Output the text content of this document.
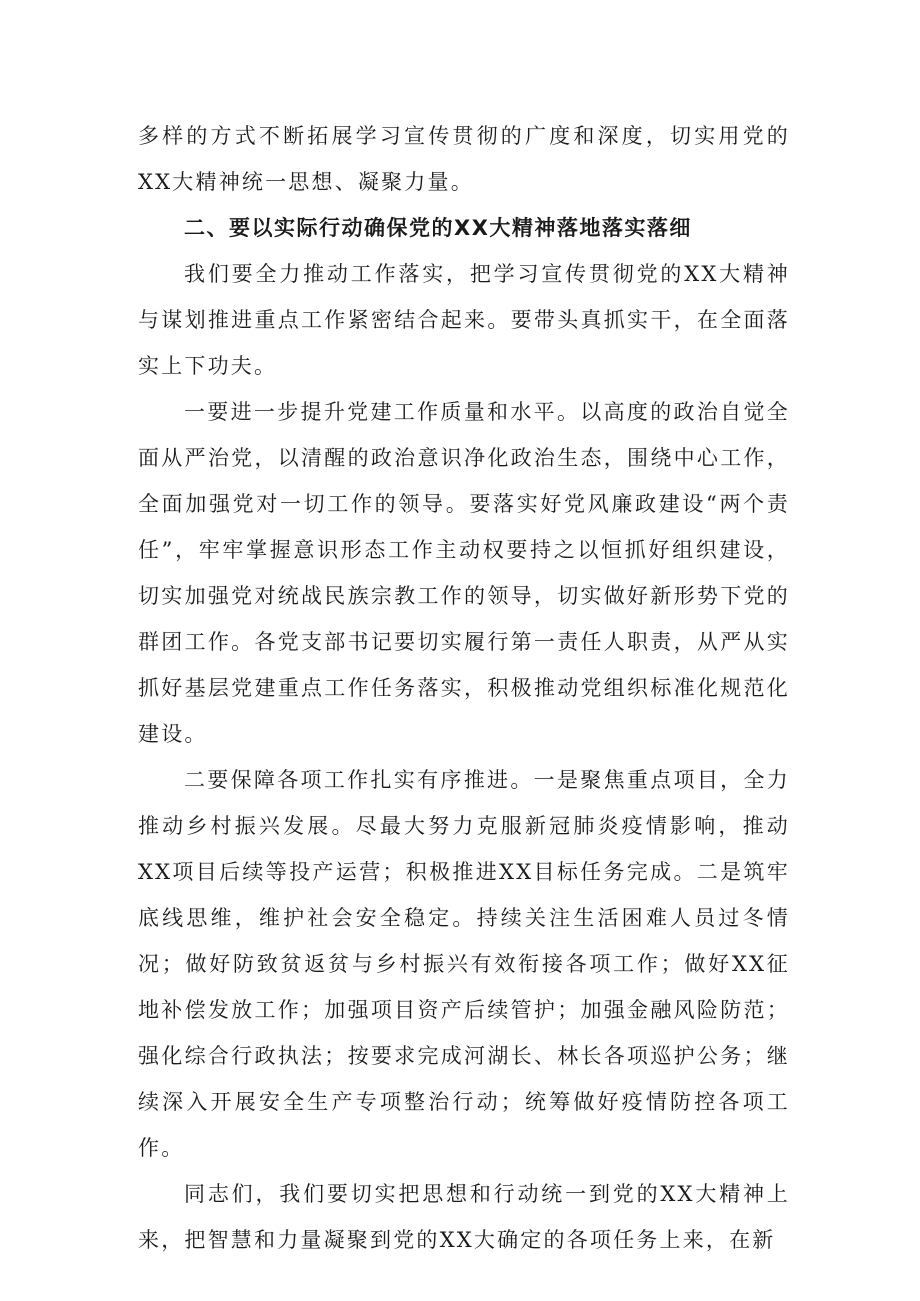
多样的方式不断拓展学习宣传贯彻的广度和深度，切实用党的XX大精神统一思想、凝聚力量。

二、要以实际行动确保党的XX大精神落地落实落细

我们要全力推动工作落实，把学习宣传贯彻党的XX大精神与谋划推进重点工作紧密结合起来。要带头真抓实干，在全面落实上下功夫。

一要进一步提升党建工作质量和水平。以高度的政治自觉全面从严治党，以清醒的政治意识净化政治生态，围绕中心工作，全面加强党对一切工作的领导。要落实好党风廉政建设“两个责任”，牢牢掌握意识形态工作主动权要持之以恒抓好组织建设，切实加强党对统战民族宗教工作的领导，切实做好新形势下党的群团工作。各党支部书记要切实履行第一责任人职责，从严从实抓好基层党建重点工作任务落实，积极推动党组织标准化规范化建设。

二要保障各项工作扎实有序推进。一是聚焦重点项目，全力推动乡村振兴发展。尽最大努力克服新冠肺炎疫情影响，推动XX项目后续等投产运营；积极推进XX目标任务完成。二是筑牢底线思维，维护社会安全稳定。持续关注生活困难人员过冬情况；做好防致贫返贫与乡村振兴有效衔接各项工作；做好XX征地补偿发放工作；加强项目资产后续管护；加强金融风险防范；强化综合行政执法；按要求完成河湖长、林长各项巡护公务；继续深入开展安全生产专项整治行动；统筹做好疫情防控各项工作。

同志们，我们要切实把思想和行动统一到党的XX大精神上来，把智慧和力量凝聚到党的XX大确定的各项任务上来，在新
